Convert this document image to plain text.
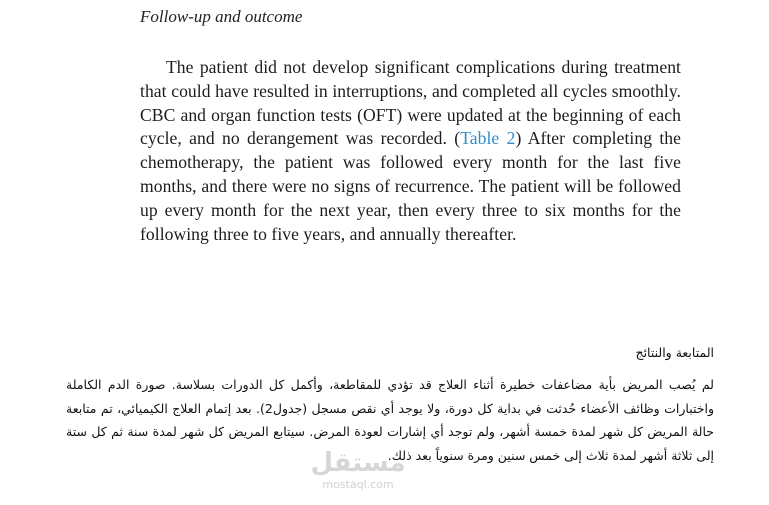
Follow-up and outcome

The patient did not develop significant complications during treatment that could have resulted in interruptions, and completed all cycles smoothly. CBC and organ function tests (OFT) were updated at the beginning of each cycle, and no derangement was recorded. (Table 2) After completing the chemotherapy, the patient was followed every month for the last five months, and there were no signs of recurrence. The patient will be followed up every month for the next year, then every three to six months for the following three to five years, and annually thereafter.

المتابعة والنتائج

لم يُصب المريض بأية مضاعفات خطيرة أثناء العلاج قد تؤدي للمقاطعة، وأكمل كل الدورات بسلاسة. صورة الدم الكاملة واختبارات وظائف الأعضاء حُدثت في بداية كل دورة، ولا يوجد أي نقص مسجل (جدول2). بعد إتمام العلاج الكيميائي، تم متابعة حالة المريض كل شهر لمدة خمسة أشهر، ولم توجد أي إشارات لعودة المرض. سيتابع المريض كل شهر لمدة سنة ثم كل ستة إلى ثلاثة أشهر لمدة ثلاث إلى خمس سنين ومرة سنوياً بعد ذلك.

مستقل
mostaql.com
